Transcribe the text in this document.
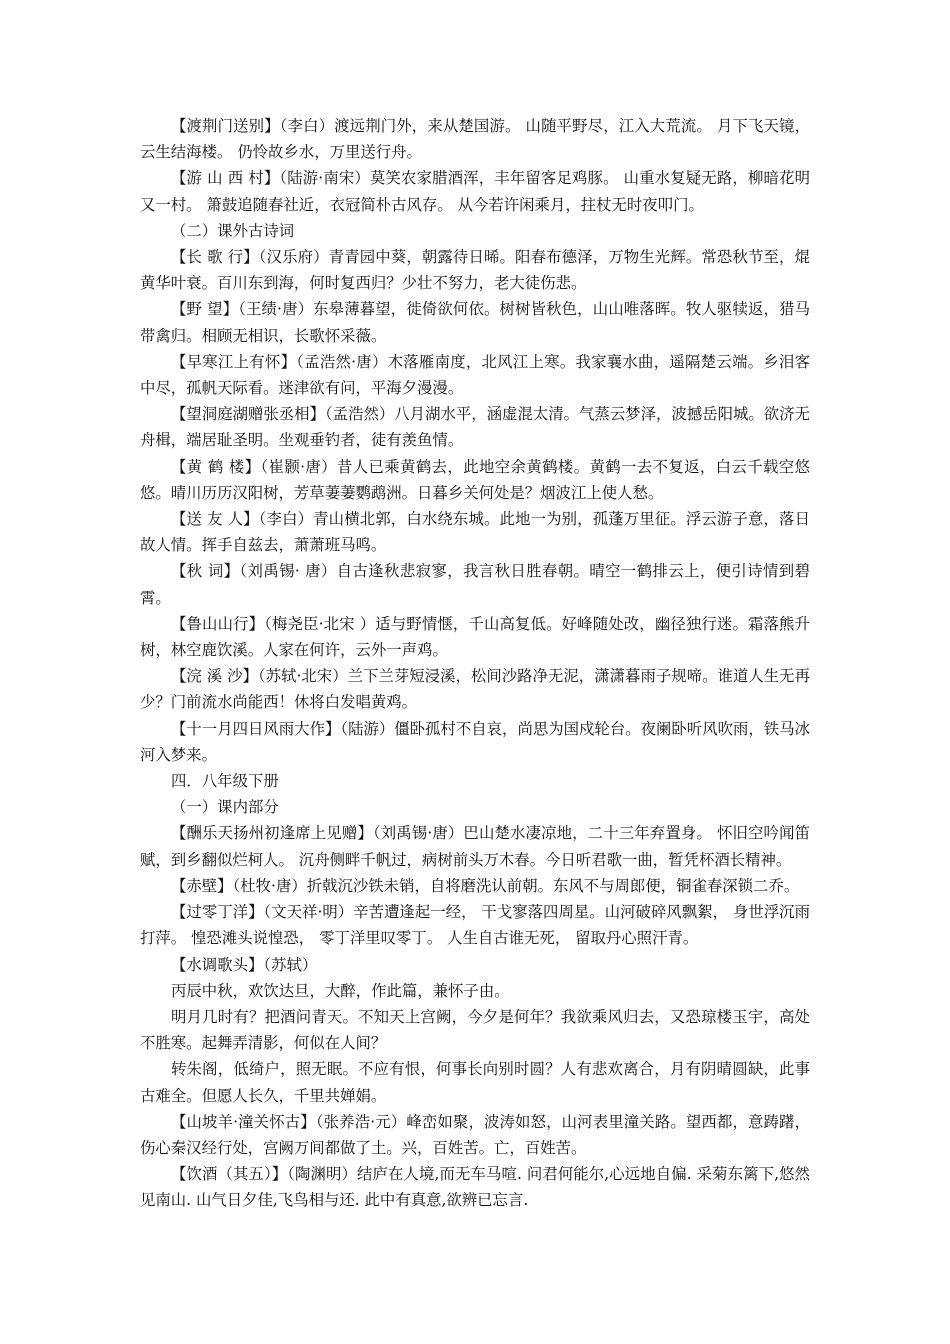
【渡荆门送别】（李白）渡远荆门外，来从楚国游。 山随平野尽，江入大荒流。 月下飞天镜，云生结海楼。 仍怜故乡水，万里送行舟。

【游 山 西 村】（陆游·南宋）莫笑农家腊酒浑，丰年留客足鸡豚。 山重水复疑无路，柳暗花明又一村。 箫鼓追随春社近，衣冠简朴古风存。 从今若许闲乘月，拄杖无时夜叩门。

（二）课外古诗词

【长 歌 行】（汉乐府）青青园中葵，朝露待日晞。阳春布德泽，万物生光辉。常恐秋节至，焜黄华叶衰。百川东到海，何时复西归？少壮不努力，老大徒伤悲。

【野 望】（王绩·唐）东皋薄暮望，徙倚欲何依。树树皆秋色，山山唯落晖。牧人驱犊返，猎马带禽归。相顾无相识，长歌怀采薇。

【早寒江上有怀】（孟浩然·唐）木落雁南度，北风江上寒。我家襄水曲，遥隔楚云端。乡泪客中尽，孤帆天际看。迷津欲有问，平海夕漫漫。

【望洞庭湖赠张丞相】（孟浩然）八月湖水平，涵虚混太清。气蒸云梦泽，波撼岳阳城。欲济无舟楫，端居耻圣明。坐观垂钓者，徒有羡鱼情。

【黄 鹤 楼】（崔颢·唐）昔人已乘黄鹤去，此地空余黄鹤楼。黄鹤一去不复返，白云千载空悠悠。晴川历历汉阳树，芳草萋萋鹦鹉洲。日暮乡关何处是？烟波江上使人愁。

【送 友 人】（李白）青山横北郭，白水绕东城。此地一为别，孤蓬万里征。浮云游子意，落日故人情。挥手自兹去，萧萧班马鸣。

【秋 词】（刘禹锡· 唐）自古逢秋悲寂寥，我言秋日胜春朝。晴空一鹤排云上，便引诗情到碧霄。

【鲁山山行】（梅尧臣·北宋 ）适与野情惬，千山高复低。好峰随处改，幽径独行迷。霜落熊升树，林空鹿饮溪。人家在何许，云外一声鸡。

【浣 溪 沙】（苏轼·北宋）兰下兰芽短浸溪，松间沙路净无泥，潇潇暮雨子规啼。谁道人生无再少？门前流水尚能西！休将白发唱黄鸡。

【十一月四日风雨大作】（陆游）僵卧孤村不自哀，尚思为国戍轮台。夜阑卧听风吹雨，铁马冰河入梦来。

四．八年级下册

（一）课内部分

【酬乐天扬州初逢席上见赠】（刘禹锡·唐）巴山楚水凄凉地，二十三年弃置身。 怀旧空吟闻笛赋，到乡翻似烂柯人。 沉舟侧畔千帆过，病树前头万木春。今日听君歌一曲，暂凭杯酒长精神。

【赤壁】（杜牧·唐）折戟沉沙铁未销，自将磨洗认前朝。东风不与周郎便，铜雀春深锁二乔。

【过零丁洋】（文天祥·明）辛苦遭逢起一经， 干戈寥落四周星。山河破碎风飘絮， 身世浮沉雨打萍。 惶恐滩头说惶恐， 零丁洋里叹零丁。 人生自古谁无死， 留取丹心照汗青。

【水调歌头】（苏轼）

丙辰中秋，欢饮达旦，大醉，作此篇，兼怀子由。

明月几时有？把酒问青天。不知天上宫阙，今夕是何年？我欲乘风归去，又恐琼楼玉宇，高处不胜寒。起舞弄清影，何似在人间？

转朱阁，低绮户，照无眠。不应有恨，何事长向别时圆？人有悲欢离合，月有阴晴圆缺，此事古难全。但愿人长久，千里共婵娟。

【山坡羊·潼关怀古】（张养浩·元）峰峦如聚，波涛如怒，山河表里潼关路。望西都，意踌躇，伤心秦汉经行处，宫阙万间都做了土。兴，百姓苦。亡，百姓苦。

【饮酒（其五）】（陶渊明）结庐在人境,而无车马喧. 问君何能尔,心远地自偏. 采菊东篱下,悠然见南山. 山气日夕佳,飞鸟相与还. 此中有真意,欲辨已忘言.
